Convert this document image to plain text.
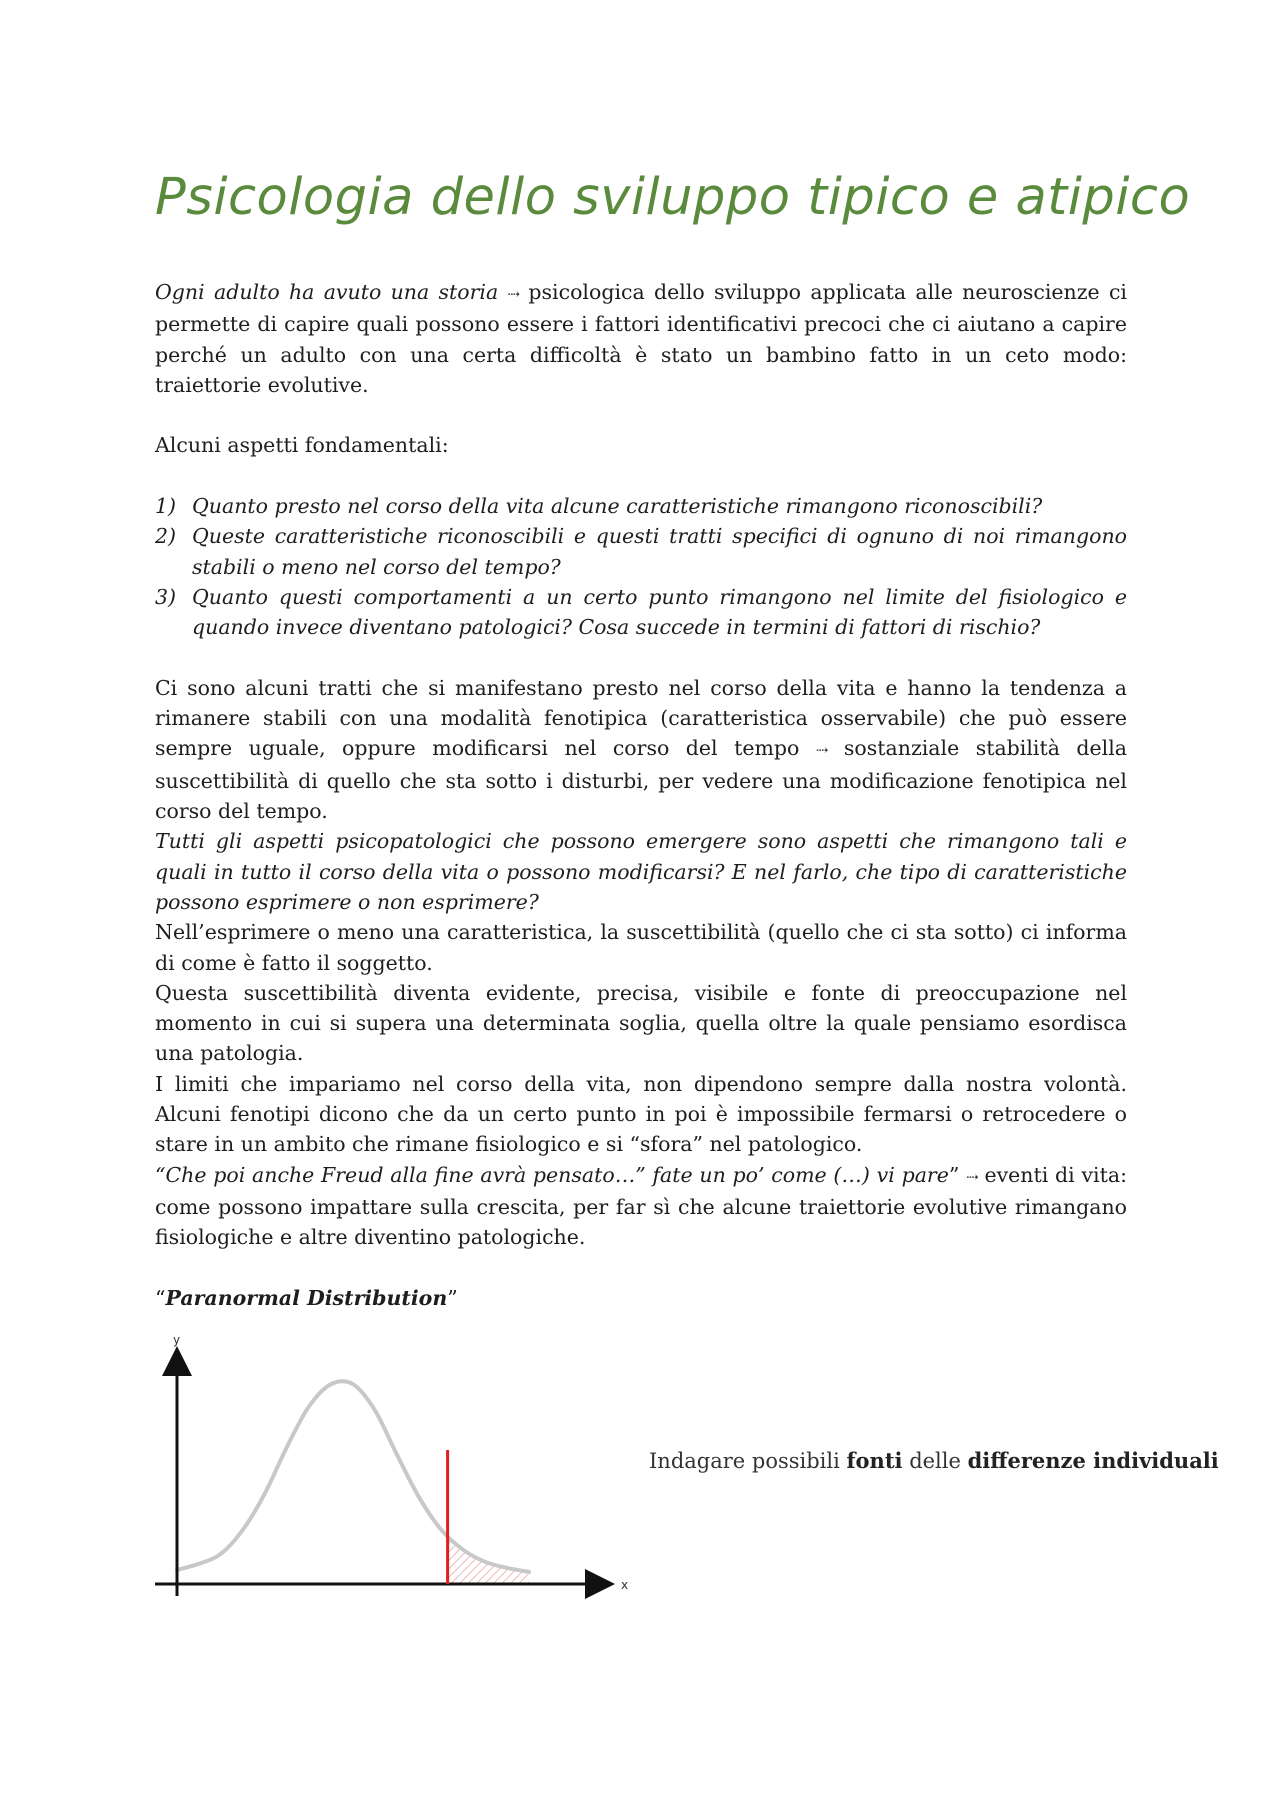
Psicologia dello sviluppo tipico e atipico

Ogni adulto ha avuto una storia ⇢ psicologica dello sviluppo applicata alle neuroscienze ci permette di capire quali possono essere i fattori identificativi precoci che ci aiutano a capire perché un adulto con una certa difficoltà è stato un bambino fatto in un ceto modo: traiettorie evolutive.

Alcuni aspetti fondamentali:

1) Quanto presto nel corso della vita alcune caratteristiche rimangono riconoscibili?
2) Queste caratteristiche riconoscibili e questi tratti specifici di ognuno di noi rimangono stabili o meno nel corso del tempo?
3) Quanto questi comportamenti a un certo punto rimangono nel limite del fisiologico e quando invece diventano patologici? Cosa succede in termini di fattori di rischio?

Ci sono alcuni tratti che si manifestano presto nel corso della vita e hanno la tendenza a rimanere stabili con una modalità fenotipica (caratteristica osservabile) che può essere sempre uguale, oppure modificarsi nel corso del tempo ⇢ sostanziale stabilità della suscettibilità di quello che sta sotto i disturbi, per vedere una modificazione fenotipica nel corso del tempo.

Tutti gli aspetti psicopatologici che possono emergere sono aspetti che rimangono tali e quali in tutto il corso della vita o possono modificarsi? E nel farlo, che tipo di caratteristiche possono esprimere o non esprimere?

Nell’esprimere o meno una caratteristica, la suscettibilità (quello che ci sta sotto) ci informa di come è fatto il soggetto.

Questa suscettibilità diventa evidente, precisa, visibile e fonte di preoccupazione nel momento in cui si supera una determinata soglia, quella oltre la quale pensiamo esordisca una patologia.

I limiti che impariamo nel corso della vita, non dipendono sempre dalla nostra volontà. Alcuni fenotipi dicono che da un certo punto in poi è impossibile fermarsi o retrocedere o stare in un ambito che rimane fisiologico e si “sfora” nel patologico.

“Che poi anche Freud alla fine avrà pensato…” fate un po’ come (…) vi pare” ⇢ eventi di vita: come possono impattare sulla crescita, per far sì che alcune traiettorie evolutive rimangano fisiologiche e altre diventino patologiche.

“Paranormal Distribution”

x
y
Indagare possibili fonti delle differenze individuali
